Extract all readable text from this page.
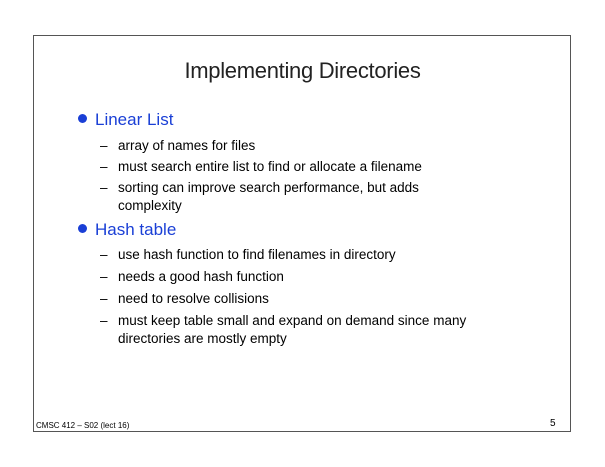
Implementing Directories
Linear List
– array of names for files
– must search entire list to find or allocate a filename
– sorting can improve search performance, but adds complexity
Hash table
– use hash function to find filenames in directory
– needs a good hash function
– need to resolve collisions
– must keep table small and expand on demand since many directories are mostly empty
CMSC 412 – S02 (lect 16)	5
